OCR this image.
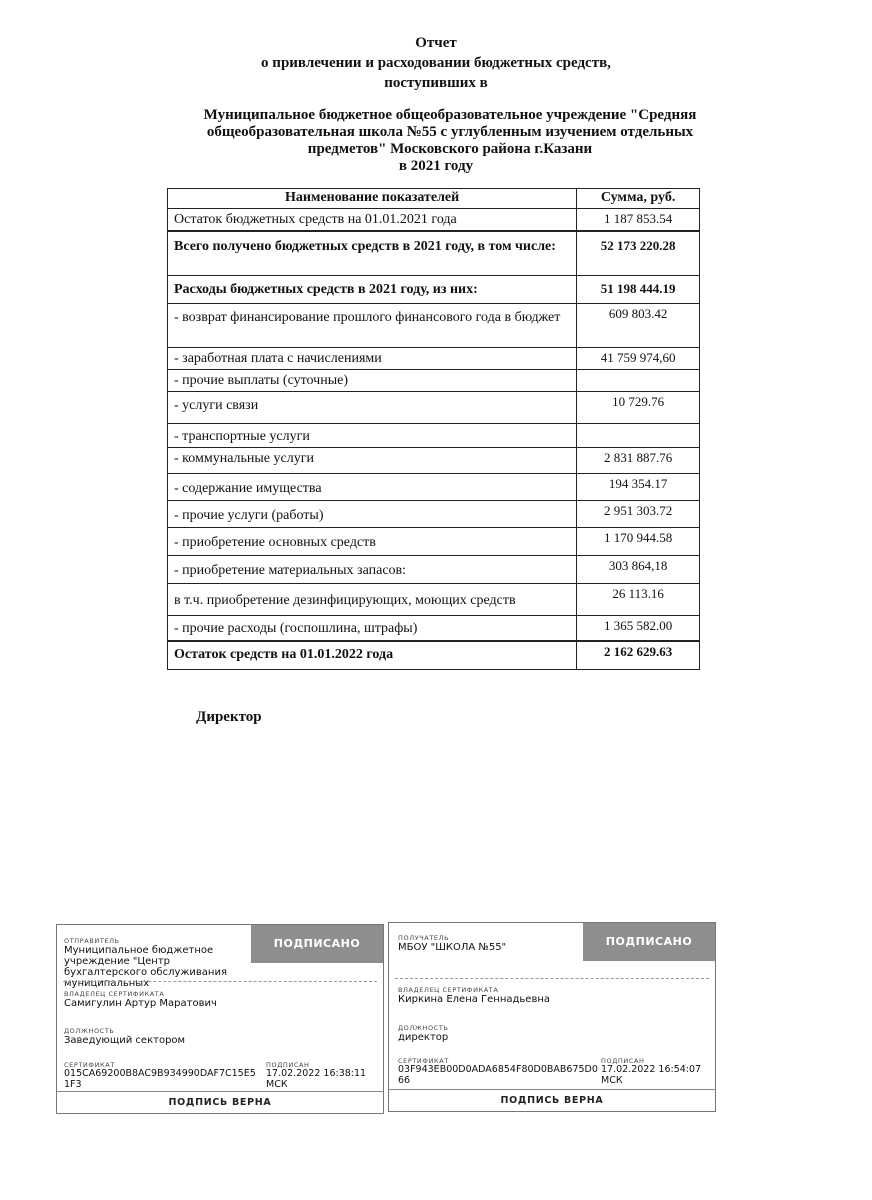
Отчет
о привлечении и расходовании бюджетных средств,
поступивших в
Муниципальное бюджетное общеобразовательное учреждение "Средняя общеобразовательная школа №55 с углубленным изучением отдельных предметов" Московского района г.Казани
в 2021 году
Наименование показателей	Сумма, руб.
Остаток бюджетных средств на 01.01.2021 года	1 187 853.54
Всего получено бюджетных средств в 2021 году, в том числе:	52 173 220.28
Расходы бюджетных средств в 2021 году, из них:	51 198 444.19
- возврат финансирование прошлого финансового года в бюджет	609 803.42
- заработная плата с начислениями	41 759 974,60
- прочие выплаты (суточные)	
- услуги связи	10 729.76
- транспортные услуги	
- коммунальные услуги	2 831 887.76
- содержание имущества	194 354.17
- прочие услуги (работы)	2 951 303.72
- приобретение основных средств	1 170 944.58
- приобретение материальных запасов:	303 864,18
в т.ч. приобретение дезинфицирующих, моющих средств	26 113.16
- прочие расходы (госпошлина, штрафы)	1 365 582.00
Остаток средств на 01.01.2022 года	2 162 629.63
Директор
ОТПРАВИТЕЛЬ
Муниципальное бюджетное учреждение "Центр бухгалтерского обслуживания муниципальных
ПОДПИСАНО
ВЛАДЕЛЕЦ СЕРТИФИКАТА
Самигулин Артур Маратович
ДОЛЖНОСТЬ
Заведующий сектором
СЕРТИФИКАТ
015CA69200B8AC9B934990DAF7C15E51F3
ПОДПИСАН
17.02.2022 16:38:11 МСК
ПОДПИСЬ ВЕРНА
ПОЛУЧАТЕЛЬ
МБОУ "ШКОЛА №55"	ПОДПИСАНО
ВЛАДЕЛЕЦ СЕРТИФИКАТА
Киркина Елена Геннадьевна
ДОЛЖНОСТЬ
директор
СЕРТИФИКАТ
03F943EB00D0ADA6854F80D0BAB675D066
ПОДПИСАН
17.02.2022 16:54:07 МСК
ПОДПИСЬ ВЕРНА
